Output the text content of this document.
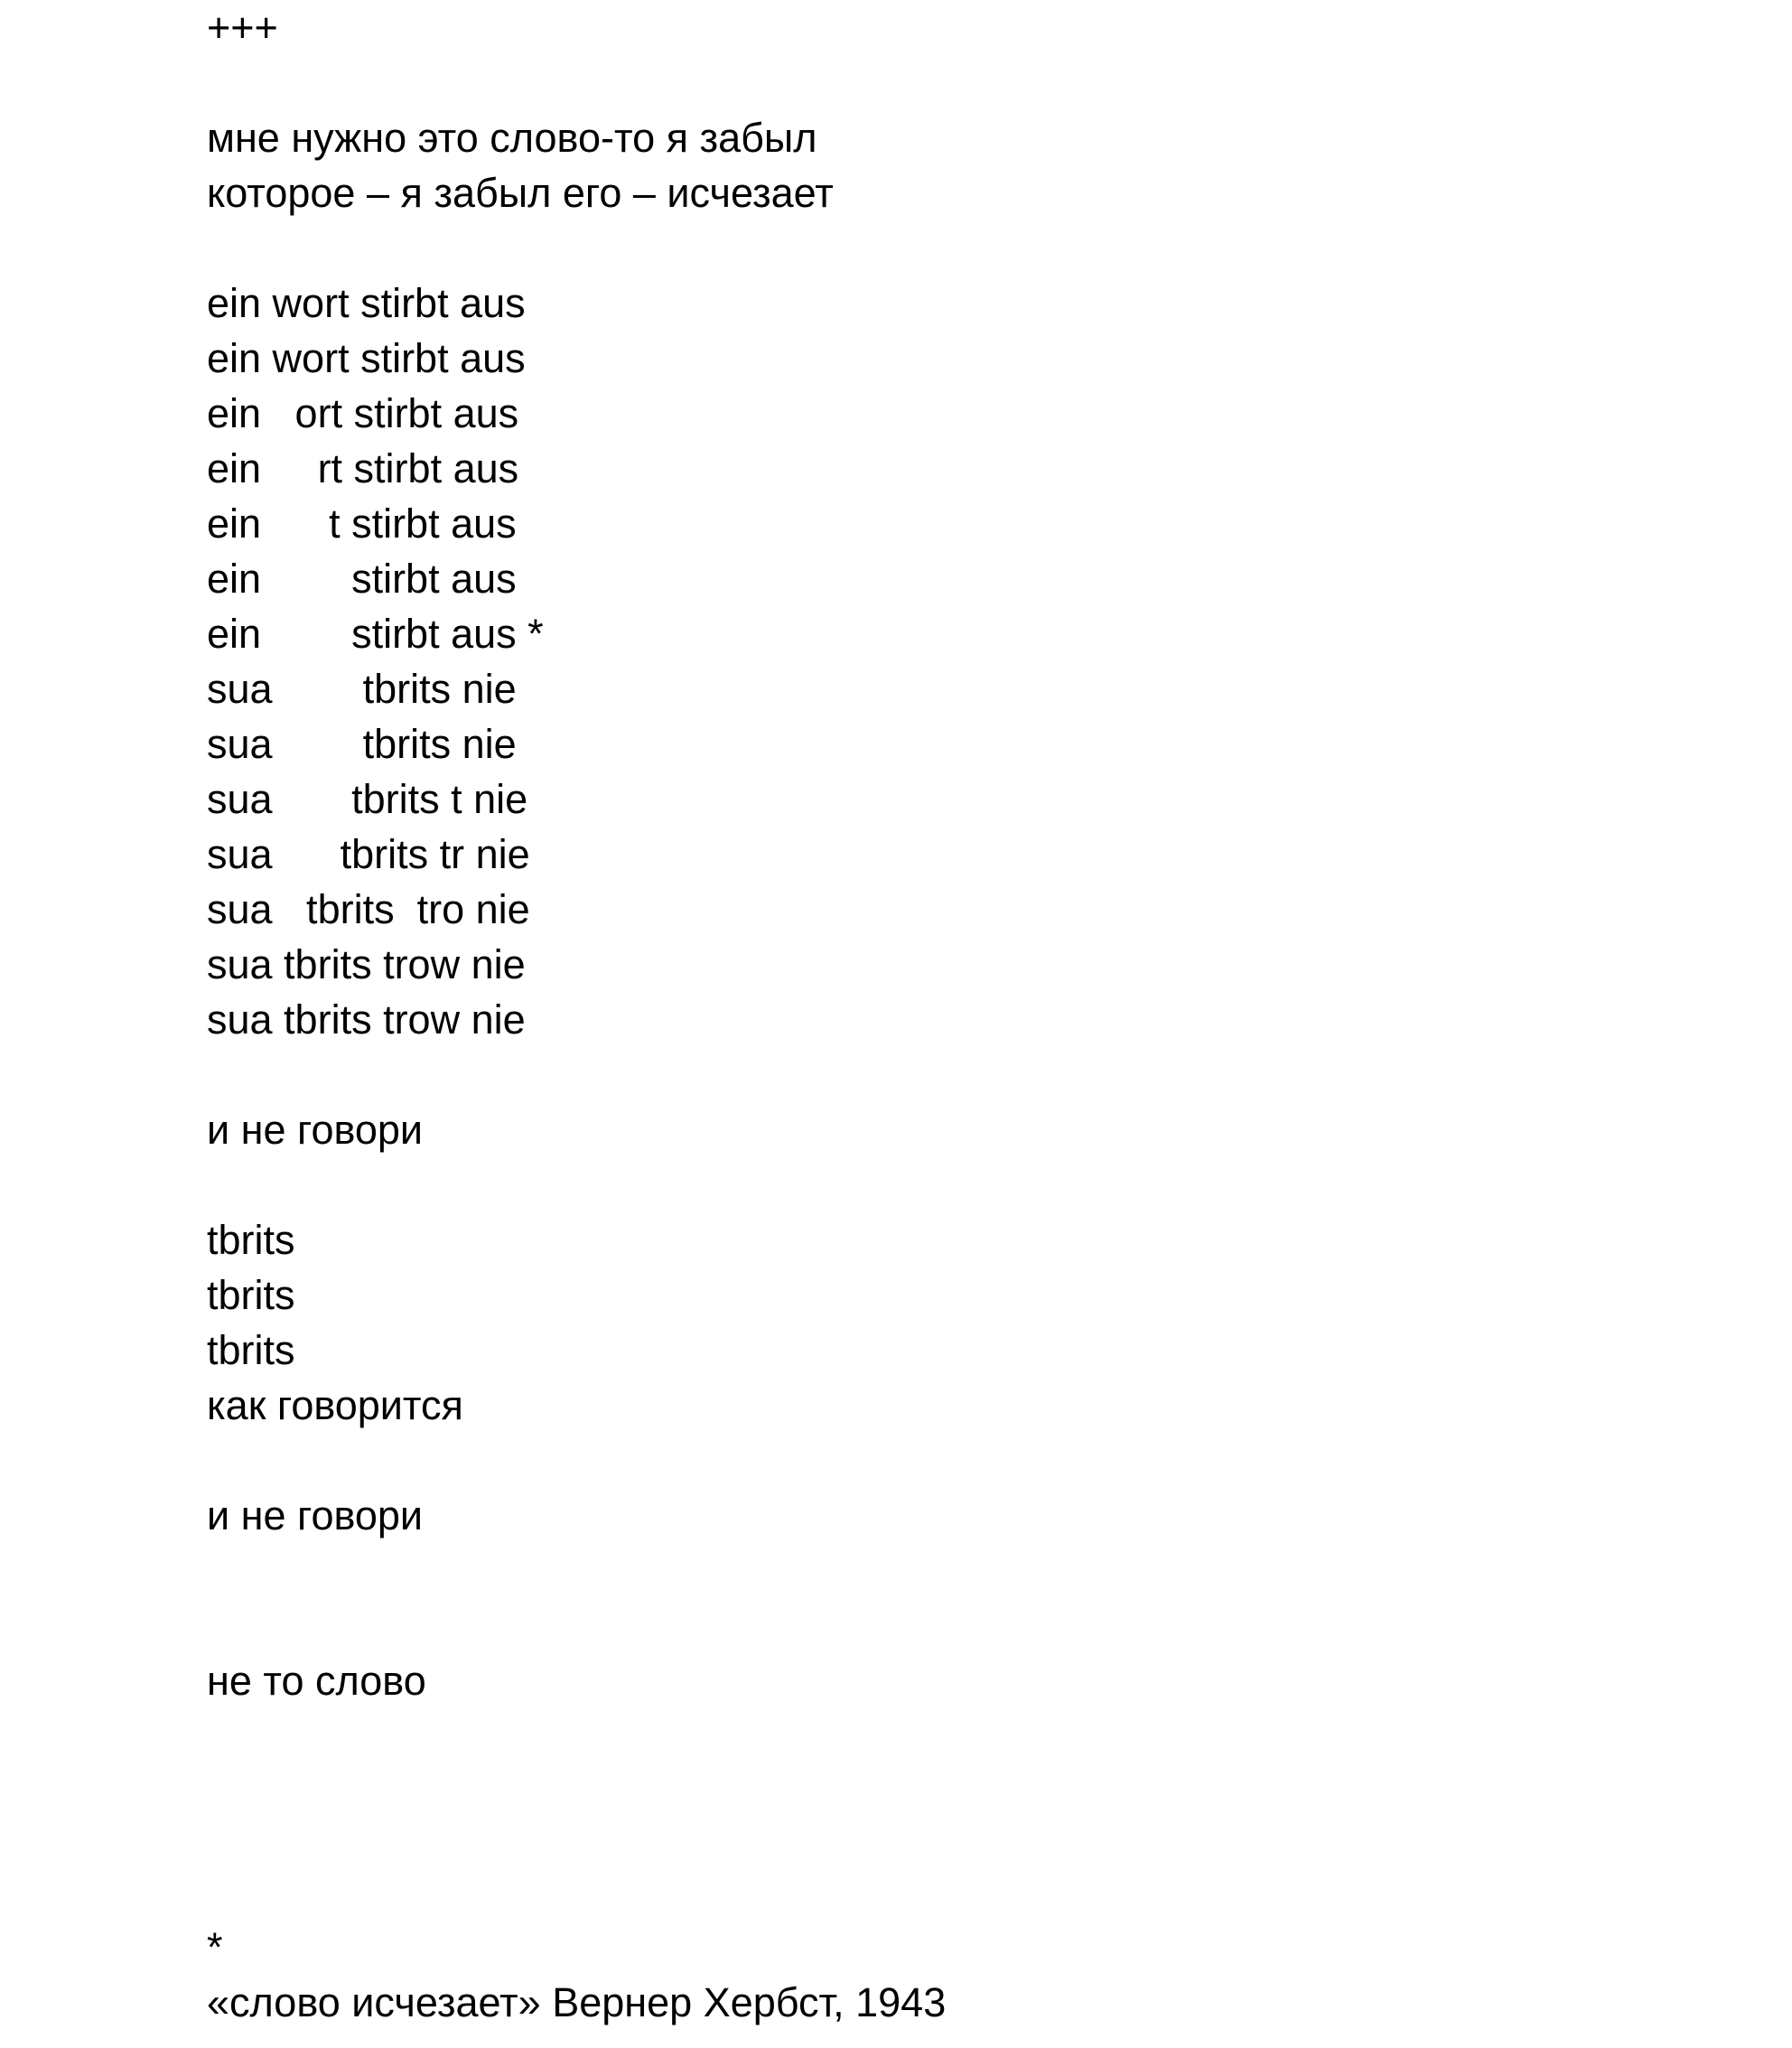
+++
мне нужно это слово-то я забыл
которое – я забыл его – исчезает
ein wort stirbt aus
ein wort stirbt aus
ein   ort stirbt aus
ein     rt stirbt aus
ein      t stirbt aus
ein        stirbt aus
ein        stirbt aus *
sua        tbrits nie
sua        tbrits nie
sua       tbrits t nie
sua      tbrits tr nie
sua   tbrits  tro nie
sua tbrits trow nie
sua tbrits trow nie
и не говори
tbrits
tbrits
tbrits
как говорится
и не говори
не то слово
*
«слово исчезает» Вернер Хербст, 1943
